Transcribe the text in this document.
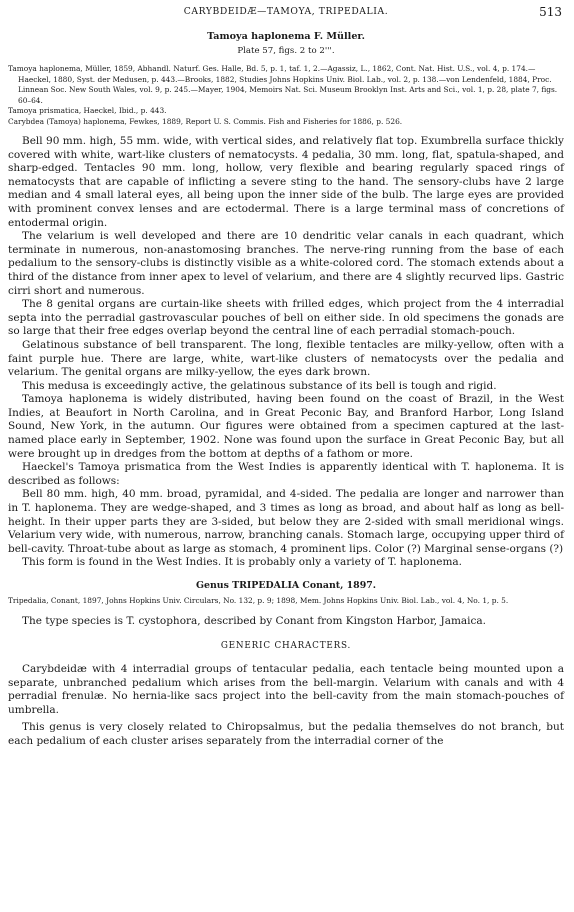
CARYBDEIDÆ—TAMOYA, TRIPEDALIA.	513

Tamoya haplonema F. Müller.

Plate 57, figs. 2 to 2'''.

Tamoya haplonema, Müller, 1859, Abhandl. Naturf. Ges. Halle, Bd. 5, p. 1, taf. 1, 2.—Agassiz, L., 1862, Cont. Nat. Hist. U.S., vol. 4, p. 174.—Haeckel, 1880, Syst. der Medusen, p. 443.—Brooks, 1882, Studies Johns Hopkins Univ. Biol. Lab., vol. 2, p. 138.—von Lendenfeld, 1884, Proc. Linnean Soc. New South Wales, vol. 9, p. 245.—Mayer, 1904, Memoirs Nat. Sci. Museum Brooklyn Inst. Arts and Sci., vol. 1, p. 28, plate 7, figs. 60–64.

Tamoya prismatica, Haeckel, Ibid., p. 443.

Carybdea (Tamoya) haplonema, Fewkes, 1889, Report U. S. Commis. Fish and Fisheries for 1886, p. 526.

Bell 90 mm. high, 55 mm. wide, with vertical sides, and relatively flat top. Exumbrella surface thickly covered with white, wart-like clusters of nematocysts. 4 pedalia, 30 mm. long, flat, spatula-shaped, and sharp-edged. Tentacles 90 mm. long, hollow, very flexible and bearing regularly spaced rings of nematocysts that are capable of inflicting a severe sting to the hand. The sensory-clubs have 2 large median and 4 small lateral eyes, all being upon the inner side of the bulb. The large eyes are provided with prominent convex lenses and are ectodermal. There is a large terminal mass of concretions of entodermal origin.

The velarium is well developed and there are 10 dendritic velar canals in each quadrant, which terminate in numerous, non-anastomosing branches. The nerve-ring running from the base of each pedalium to the sensory-clubs is distinctly visible as a white-colored cord. The stomach extends about a third of the distance from inner apex to level of velarium, and there are 4 slightly recurved lips. Gastric cirri short and numerous.

The 8 genital organs are curtain-like sheets with frilled edges, which project from the 4 interradial septa into the perradial gastrovascular pouches of bell on either side. In old specimens the gonads are so large that their free edges overlap beyond the central line of each perradial stomach-pouch.

Gelatinous substance of bell transparent. The long, flexible tentacles are milky-yellow, often with a faint purple hue. There are large, white, wart-like clusters of nematocysts over the pedalia and velarium. The genital organs are milky-yellow, the eyes dark brown.

This medusa is exceedingly active, the gelatinous substance of its bell is tough and rigid.

Tamoya haplonema is widely distributed, having been found on the coast of Brazil, in the West Indies, at Beaufort in North Carolina, and in Great Peconic Bay, and Branford Harbor, Long Island Sound, New York, in the autumn. Our figures were obtained from a specimen captured at the last-named place early in September, 1902. None was found upon the surface in Great Peconic Bay, but all were brought up in dredges from the bottom at depths of a fathom or more.

Haeckel's Tamoya prismatica from the West Indies is apparently identical with T. haplonema. It is described as follows:

Bell 80 mm. high, 40 mm. broad, pyramidal, and 4-sided. The pedalia are longer and narrower than in T. haplonema. They are wedge-shaped, and 3 times as long as broad, and about half as long as bell-height. In their upper parts they are 3-sided, but below they are 2-sided with small meridional wings. Velarium very wide, with numerous, narrow, branching canals. Stomach large, occupying upper third of bell-cavity. Throat-tube about as large as stomach, 4 prominent lips. Color (?) Marginal sense-organs (?)

This form is found in the West Indies. It is probably only a variety of T. haplonema.

Genus TRIPEDALIA Conant, 1897.

Tripedalia, Conant, 1897, Johns Hopkins Univ. Circulars, No. 132, p. 9; 1898, Mem. Johns Hopkins Univ. Biol. Lab., vol. 4, No. 1, p. 5.

The type species is T. cystophora, described by Conant from Kingston Harbor, Jamaica.

GENERIC CHARACTERS.

Carybdeidæ with 4 interradial groups of tentacular pedalia, each tentacle being mounted upon a separate, unbranched pedalium which arises from the bell-margin. Velarium with canals and with 4 perradial frenulæ. No hernia-like sacs project into the bell-cavity from the main stomach-pouches of umbrella.

This genus is very closely related to Chiropsalmus, but the pedalia themselves do not branch, but each pedalium of each cluster arises separately from the interradial corner of the
